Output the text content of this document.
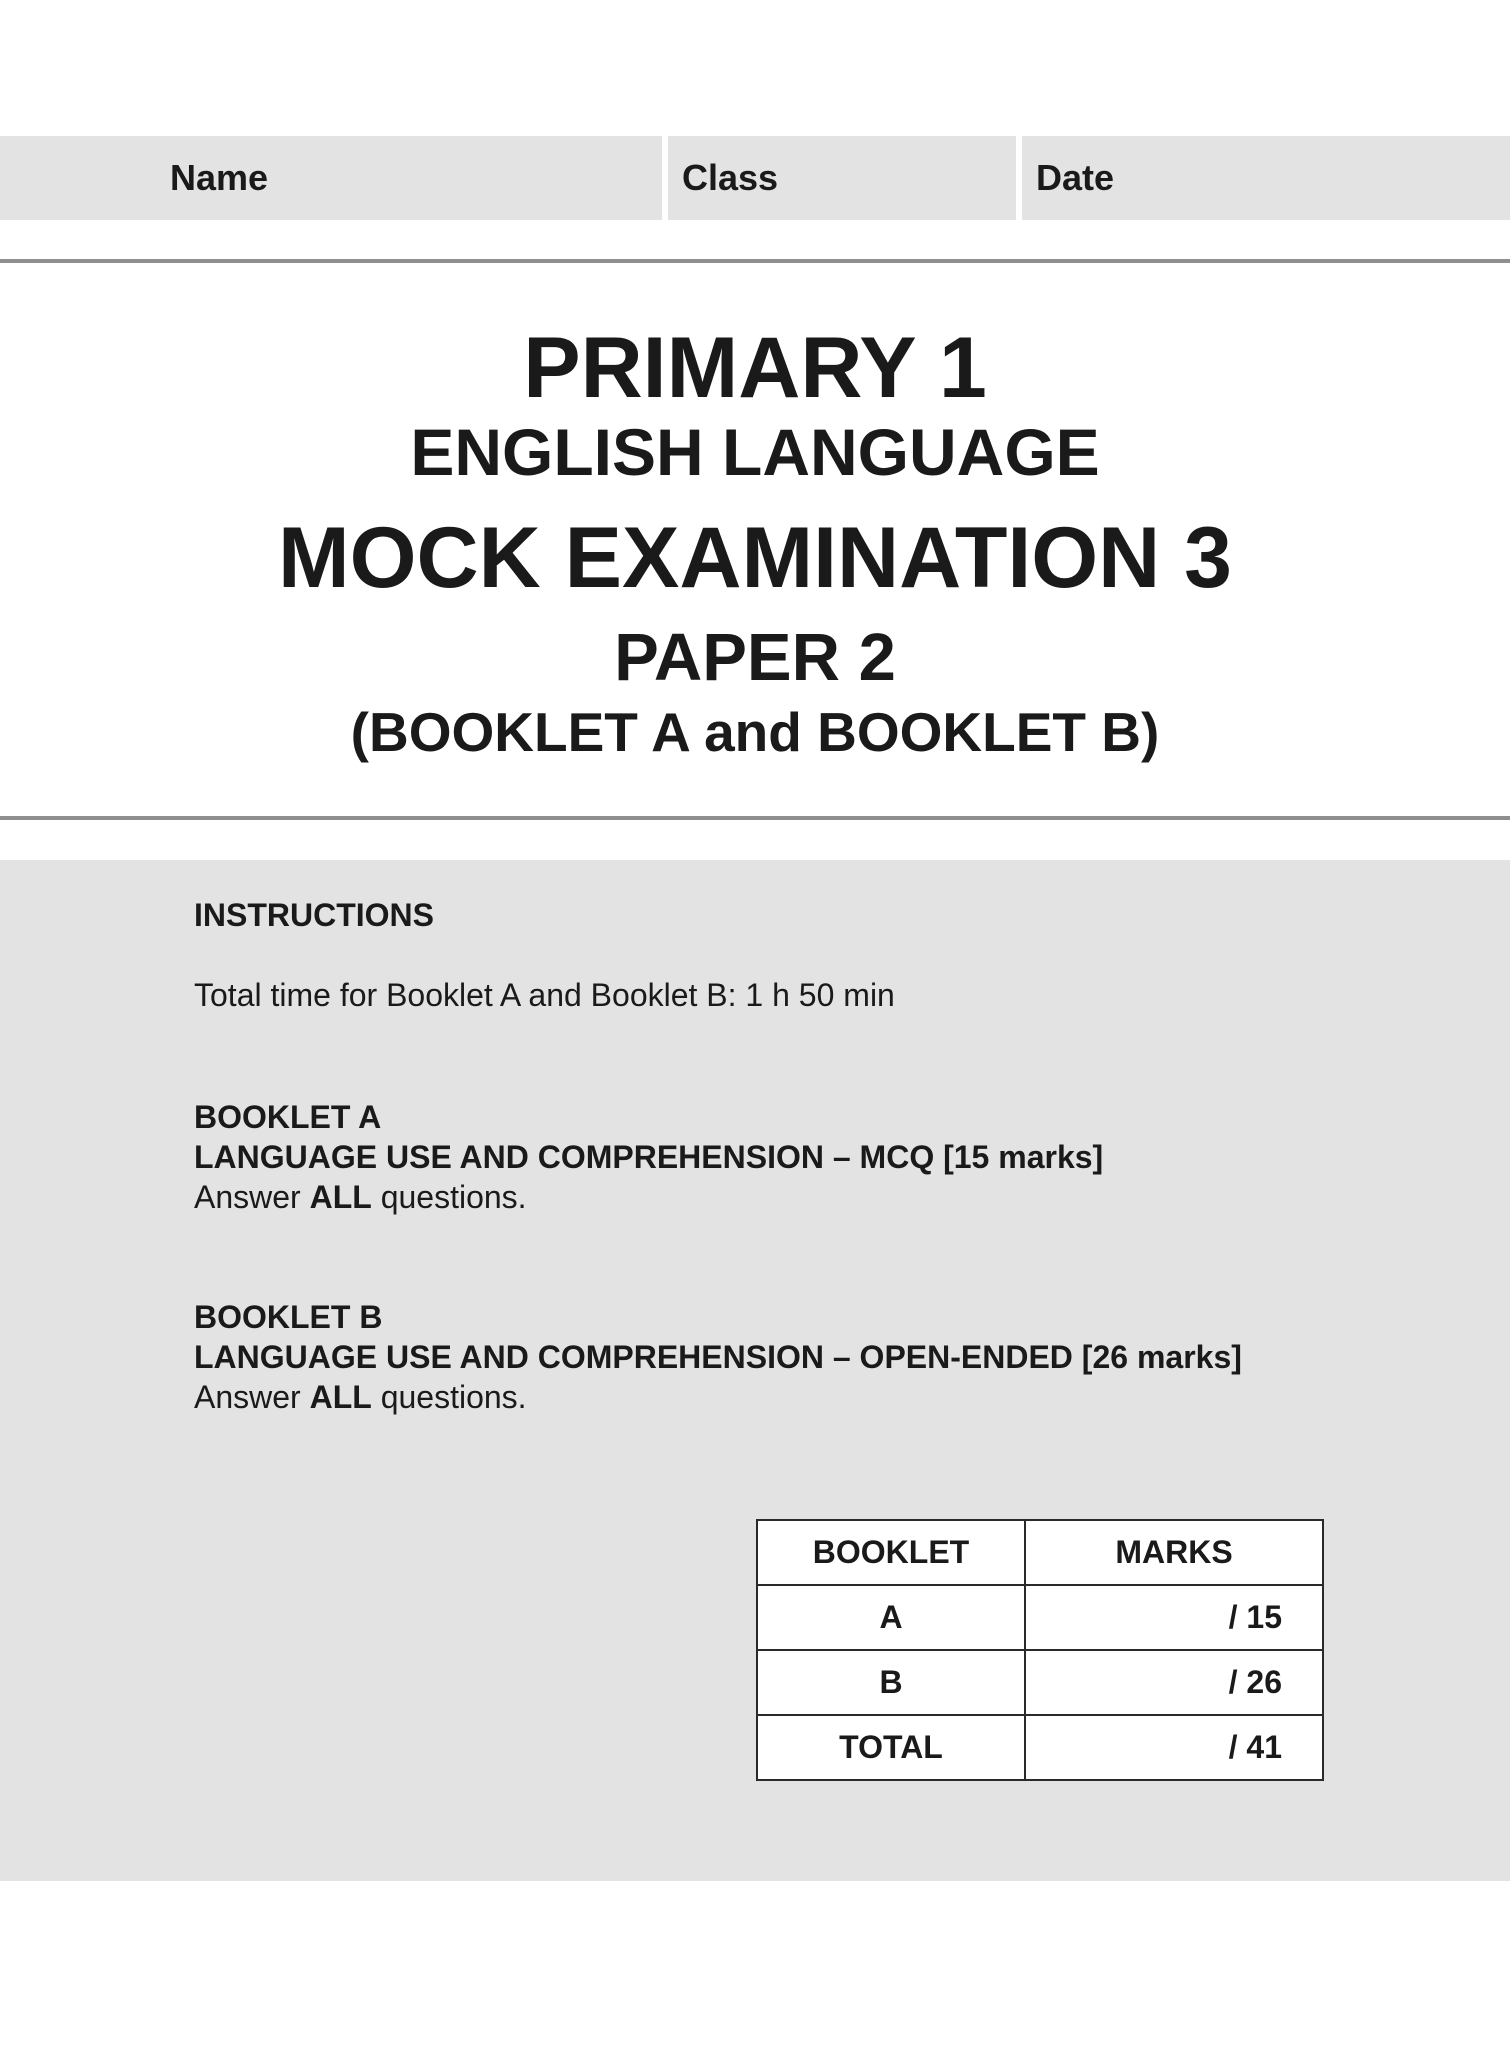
Name	Class	Date
PRIMARY 1
ENGLISH LANGUAGE
MOCK EXAMINATION 3
PAPER 2
(BOOKLET A and BOOKLET B)
INSTRUCTIONS
Total time for Booklet A and Booklet B: 1 h 50 min
BOOKLET A
LANGUAGE USE AND COMPREHENSION – MCQ [15 marks]
Answer ALL questions.
BOOKLET B
LANGUAGE USE AND COMPREHENSION – OPEN-ENDED [26 marks]
Answer ALL questions.
BOOKLET	MARKS
A	/ 15
B	/ 26
TOTAL	/ 41
